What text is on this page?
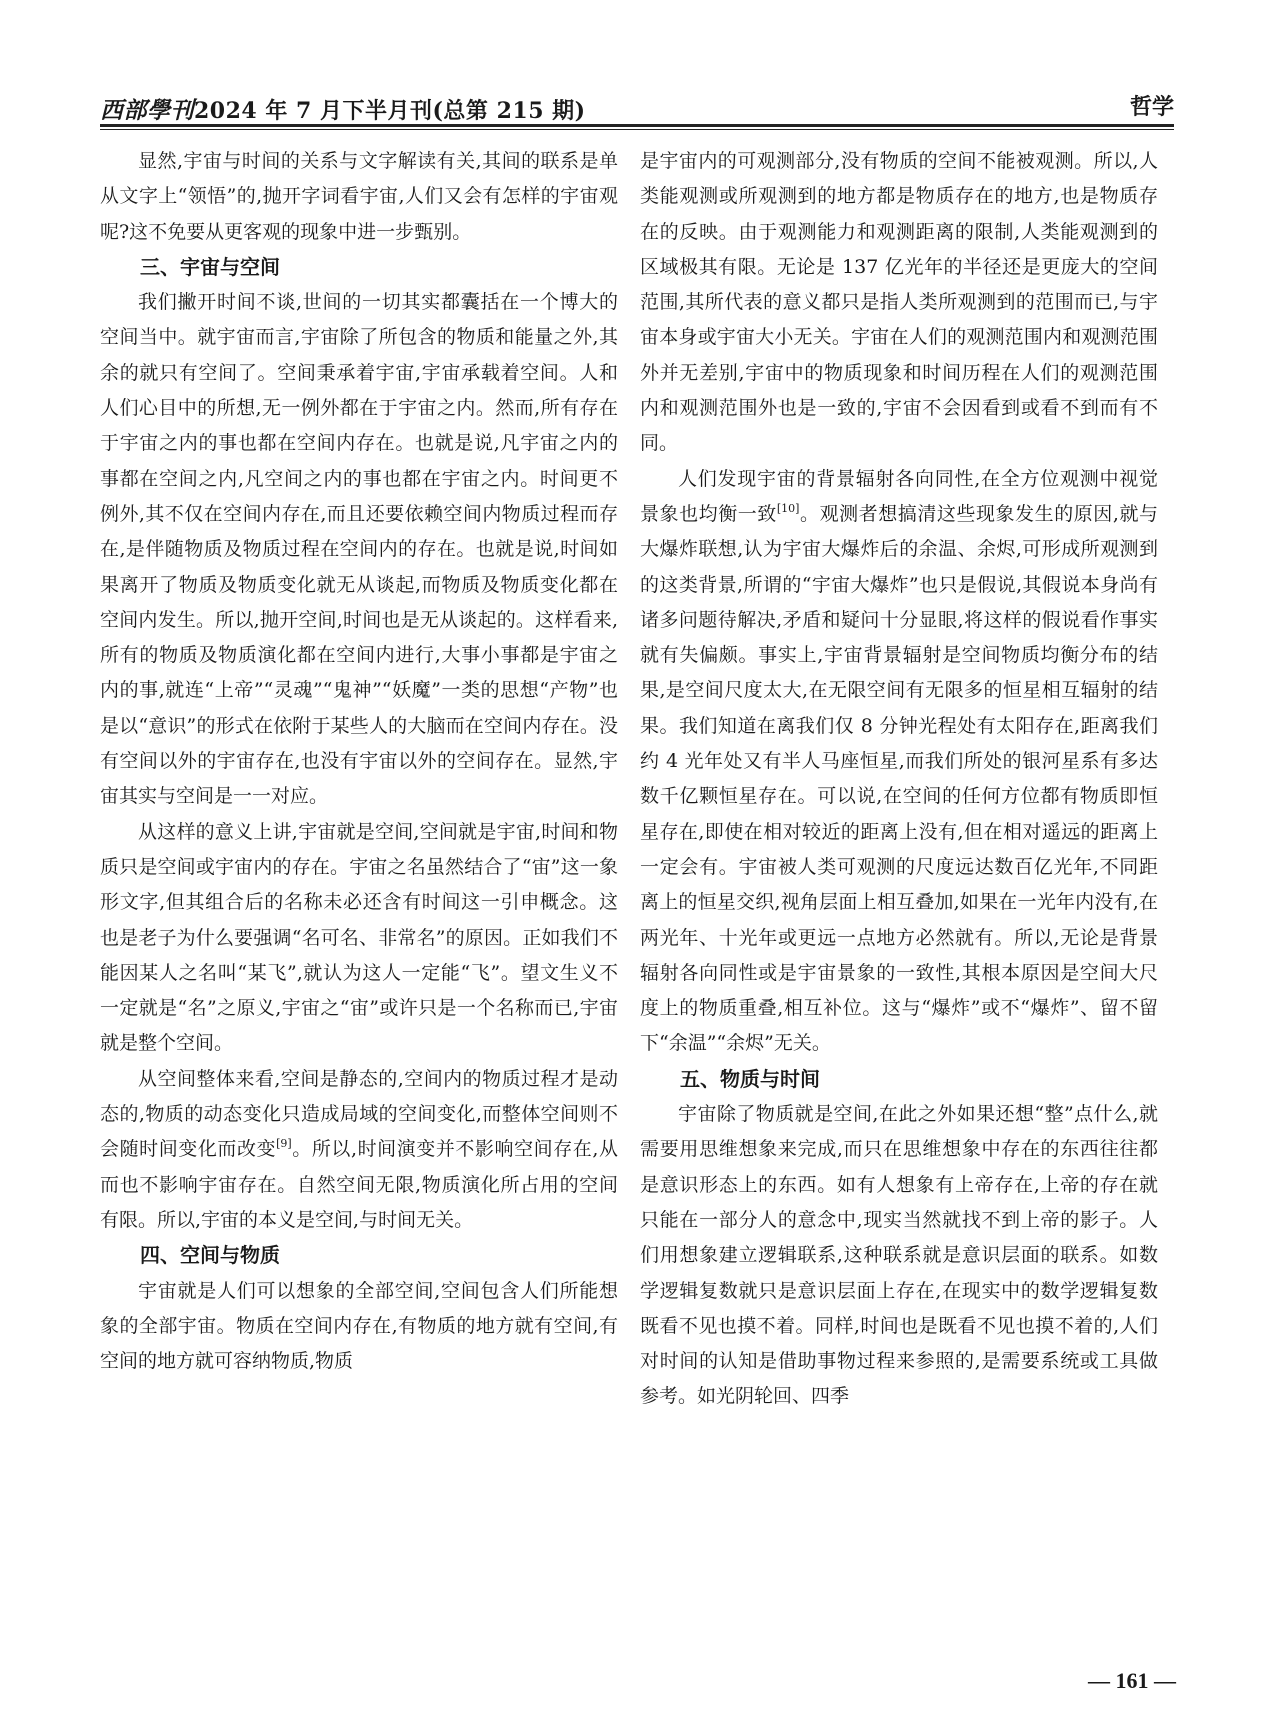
西部學刊2024 年 7 月下半月刊(总第 215 期)	哲学

显然,宇宙与时间的关系与文字解读有关,其间的联系是单从文字上“领悟”的,抛开字词看宇宙,人们又会有怎样的宇宙观呢?这不免要从更客观的现象中进一步甄别。

三、宇宙与空间

我们撇开时间不谈,世间的一切其实都囊括在一个博大的空间当中。就宇宙而言,宇宙除了所包含的物质和能量之外,其余的就只有空间了。空间秉承着宇宙,宇宙承载着空间。人和人们心目中的所想,无一例外都在于宇宙之内。然而,所有存在于宇宙之内的事也都在空间内存在。也就是说,凡宇宙之内的事都在空间之内,凡空间之内的事也都在宇宙之内。时间更不例外,其不仅在空间内存在,而且还要依赖空间内物质过程而存在,是伴随物质及物质过程在空间内的存在。也就是说,时间如果离开了物质及物质变化就无从谈起,而物质及物质变化都在空间内发生。所以,抛开空间,时间也是无从谈起的。这样看来,所有的物质及物质演化都在空间内进行,大事小事都是宇宙之内的事,就连“上帝”“灵魂”“鬼神”“妖魔”一类的思想“产物”也是以“意识”的形式在依附于某些人的大脑而在空间内存在。没有空间以外的宇宙存在,也没有宇宙以外的空间存在。显然,宇宙其实与空间是一一对应。

从这样的意义上讲,宇宙就是空间,空间就是宇宙,时间和物质只是空间或宇宙内的存在。宇宙之名虽然结合了“宙”这一象形文字,但其组合后的名称未必还含有时间这一引申概念。这也是老子为什么要强调“名可名、非常名”的原因。正如我们不能因某人之名叫“某飞”,就认为这人一定能“飞”。望文生义不一定就是“名”之原义,宇宙之“宙”或许只是一个名称而已,宇宙就是整个空间。

从空间整体来看,空间是静态的,空间内的物质过程才是动态的,物质的动态变化只造成局域的空间变化,而整体空间则不会随时间变化而改变[9]。所以,时间演变并不影响空间存在,从而也不影响宇宙存在。自然空间无限,物质演化所占用的空间有限。所以,宇宙的本义是空间,与时间无关。

四、空间与物质

宇宙就是人们可以想象的全部空间,空间包含人们所能想象的全部宇宙。物质在空间内存在,有物质的地方就有空间,有空间的地方就可容纳物质,物质

是宇宙内的可观测部分,没有物质的空间不能被观测。所以,人类能观测或所观测到的地方都是物质存在的地方,也是物质存在的反映。由于观测能力和观测距离的限制,人类能观测到的区域极其有限。无论是 137 亿光年的半径还是更庞大的空间范围,其所代表的意义都只是指人类所观测到的范围而已,与宇宙本身或宇宙大小无关。宇宙在人们的观测范围内和观测范围外并无差别,宇宙中的物质现象和时间历程在人们的观测范围内和观测范围外也是一致的,宇宙不会因看到或看不到而有不同。

人们发现宇宙的背景辐射各向同性,在全方位观测中视觉景象也均衡一致[10]。观测者想搞清这些现象发生的原因,就与大爆炸联想,认为宇宙大爆炸后的余温、余烬,可形成所观测到的这类背景,所谓的“宇宙大爆炸”也只是假说,其假说本身尚有诸多问题待解决,矛盾和疑问十分显眼,将这样的假说看作事实就有失偏颇。事实上,宇宙背景辐射是空间物质均衡分布的结果,是空间尺度太大,在无限空间有无限多的恒星相互辐射的结果。我们知道在离我们仅 8 分钟光程处有太阳存在,距离我们约 4 光年处又有半人马座恒星,而我们所处的银河星系有多达数千亿颗恒星存在。可以说,在空间的任何方位都有物质即恒星存在,即使在相对较近的距离上没有,但在相对遥远的距离上一定会有。宇宙被人类可观测的尺度远达数百亿光年,不同距离上的恒星交织,视角层面上相互叠加,如果在一光年内没有,在两光年、十光年或更远一点地方必然就有。所以,无论是背景辐射各向同性或是宇宙景象的一致性,其根本原因是空间大尺度上的物质重叠,相互补位。这与“爆炸”或不“爆炸”、留不留下“余温”“余烬”无关。

五、物质与时间

宇宙除了物质就是空间,在此之外如果还想“整”点什么,就需要用思维想象来完成,而只在思维想象中存在的东西往往都是意识形态上的东西。如有人想象有上帝存在,上帝的存在就只能在一部分人的意念中,现实当然就找不到上帝的影子。人们用想象建立逻辑联系,这种联系就是意识层面的联系。如数学逻辑复数就只是意识层面上存在,在现实中的数学逻辑复数既看不见也摸不着。同样,时间也是既看不见也摸不着的,人们对时间的认知是借助事物过程来参照的,是需要系统或工具做参考。如光阴轮回、四季

— 161 —
